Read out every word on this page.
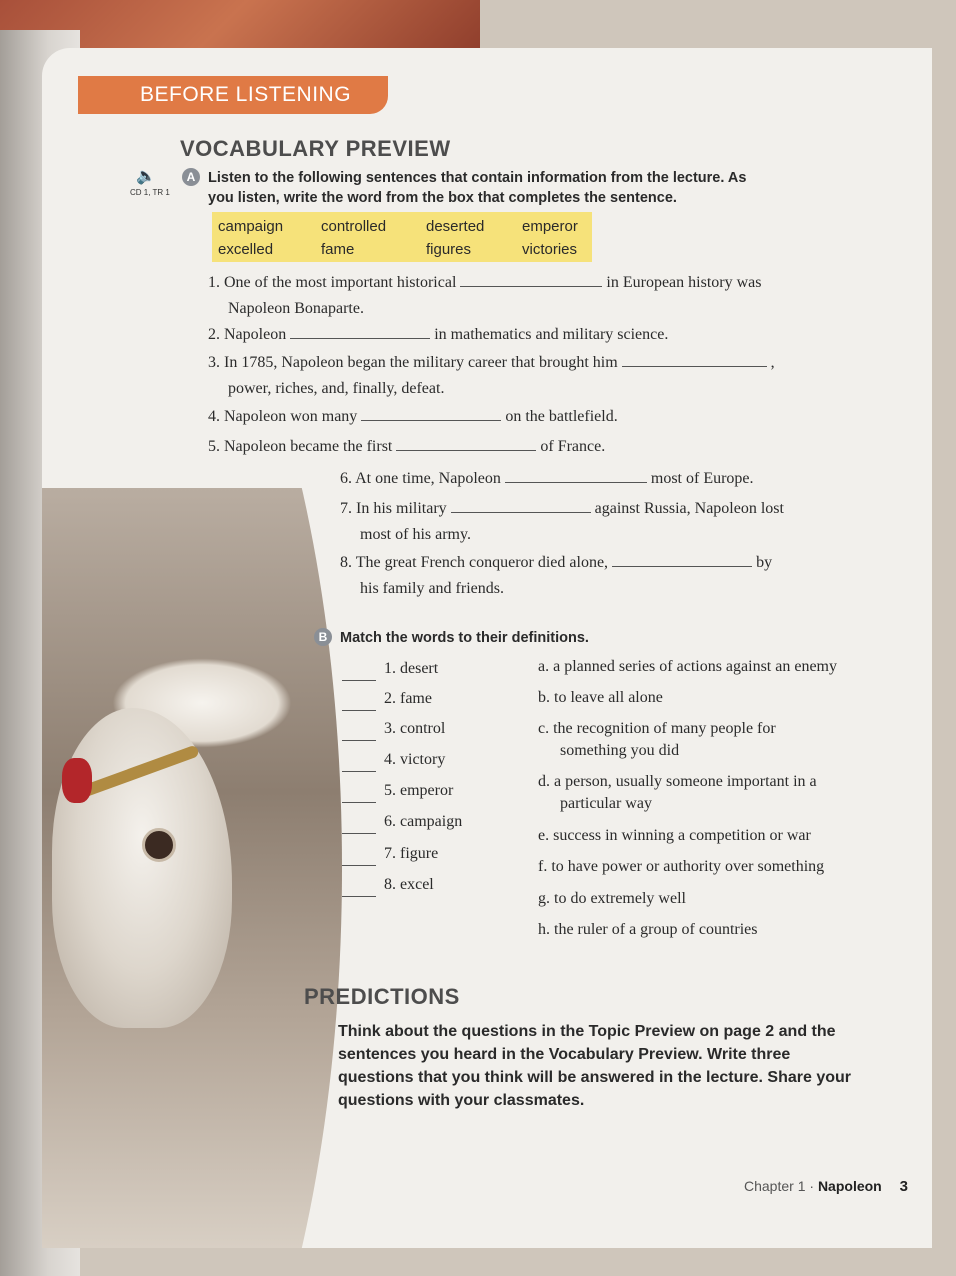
BEFORE LISTENING
VOCABULARY PREVIEW
🔈
CD 1, TR 1
A Listen to the following sentences that contain information from the lecture. As
you listen, write the word from the box that completes the sentence.
campaign	controlled	deserted	emperor
excelled	fame	figures	victories
1. One of the most important historical	in European history was
Napoleon Bonaparte.
2. Napoleon	in mathematics and military science.
3. In 1785, Napoleon began the military career that brought him	,
power, riches, and, finally, defeat.
4. Napoleon won many	on the battlefield.
5. Napoleon became the first	of France.
6. At one time, Napoleon	most of Europe.
7. In his military	against Russia, Napoleon lost
most of his army.
8. The great French conqueror died alone,	by
his family and friends.
B Match the words to their definitions.
1. desert
2. fame
3. control
4. victory
5. emperor
6. campaign
7. figure
8. excel
a. a planned series of actions against an enemy
b. to leave all alone
c. the recognition of many people for
something you did
d. a person, usually someone important in a
particular way
e. success in winning a competition or war
f. to have power or authority over something
g. to do extremely well
h. the ruler of a group of countries
PREDICTIONS
Think about the questions in the Topic Preview on page 2 and the sentences you heard in the Vocabulary Preview. Write three questions that you think will be answered in the lecture. Share your questions with your classmates.
Chapter 1 · Napoleon 3
